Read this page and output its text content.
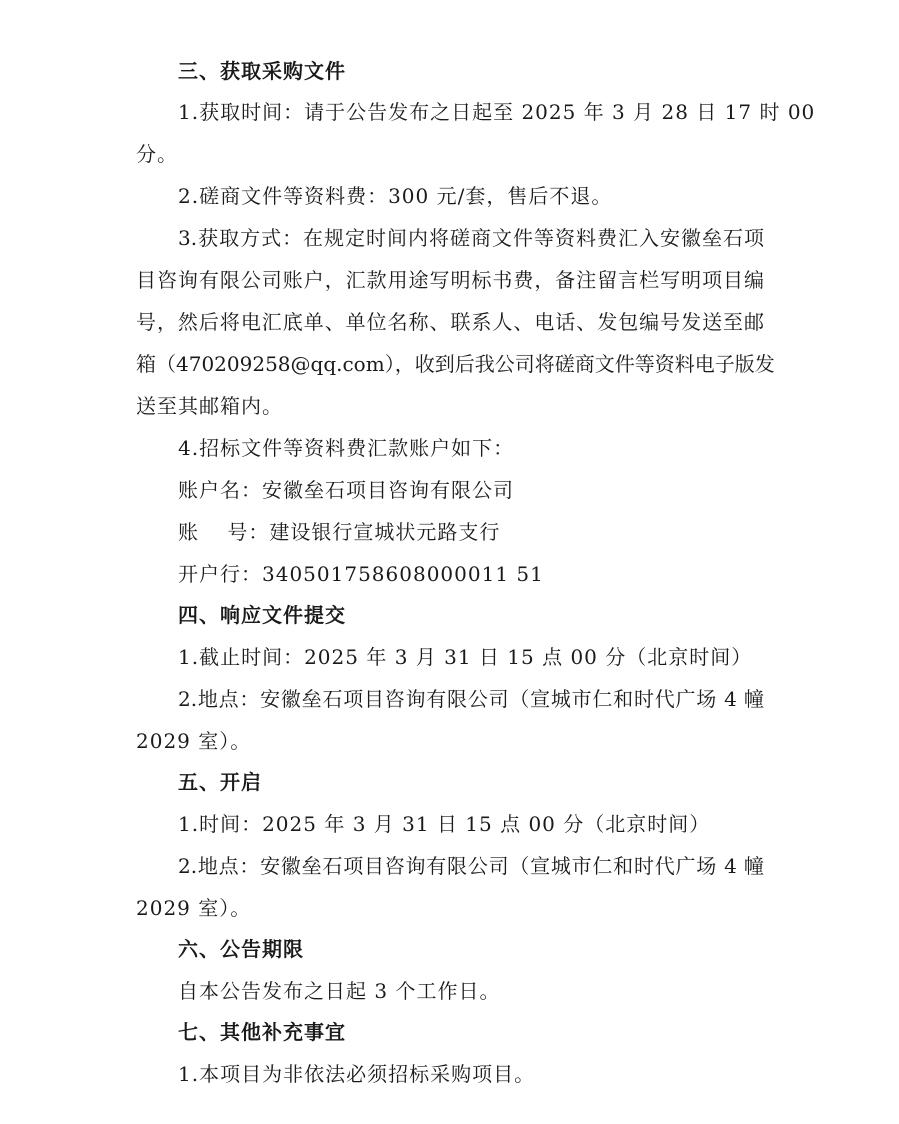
三、获取采购文件
1.获取时间：请于公告发布之日起至 2025 年 3 月 28 日 17 时 00
分。
2.磋商文件等资料费：300 元/套，售后不退。
3.获取方式：在规定时间内将磋商文件等资料费汇入安徽垒石项
目咨询有限公司账户，汇款用途写明标书费，备注留言栏写明项目编
号，然后将电汇底单、单位名称、联系人、电话、发包编号发送至邮
箱（470209258@qq.com），收到后我公司将磋商文件等资料电子版发
送至其邮箱内。
4.招标文件等资料费汇款账户如下：
账户名：安徽垒石项目咨询有限公司
账　 号：建设银行宣城状元路支行
开户行：340501758608000011 51
四、响应文件提交
1.截止时间：2025 年 3 月 31 日 15 点 00 分（北京时间）
2.地点：安徽垒石项目咨询有限公司（宣城市仁和时代广场 4 幢
2029 室）。
五、开启
1.时间：2025 年 3 月 31 日 15 点 00 分（北京时间）
2.地点：安徽垒石项目咨询有限公司（宣城市仁和时代广场 4 幢
2029 室）。
六、公告期限
自本公告发布之日起 3 个工作日。
七、其他补充事宜
1.本项目为非依法必须招标采购项目。
